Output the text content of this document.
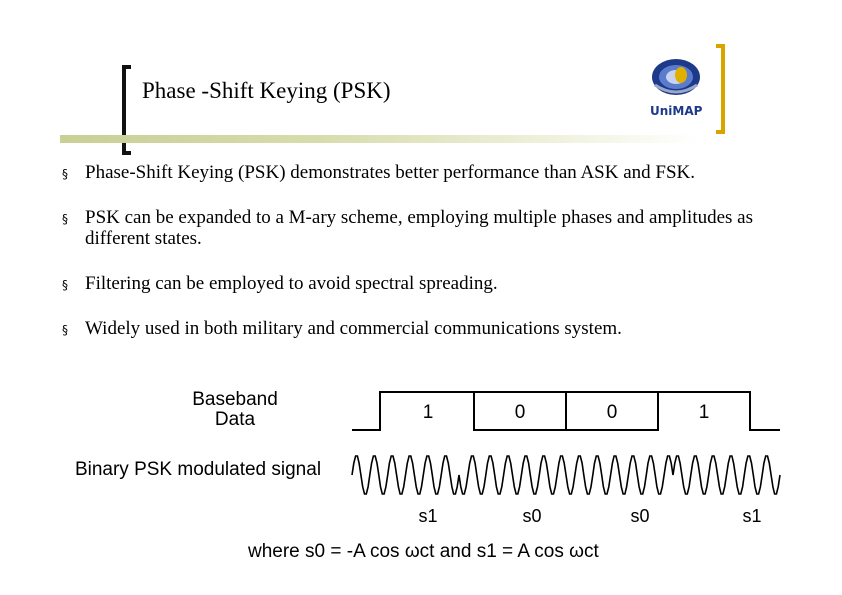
Phase -Shift Keying (PSK)
UniMAP
§ Phase-Shift Keying (PSK) demonstrates better performance than ASK and FSK.
§ PSK can be expanded to a M-ary scheme, employing multiple phases and amplitudes as different states.
§ Filtering can be employed to avoid spectral spreading.
§ Widely used in both military and commercial communications system.
Baseband Data
Binary PSK modulated signal
1	0	0	1
s1	s0	s0	s1
where s0 = -A cos ωct and s1 = A cos ωct
